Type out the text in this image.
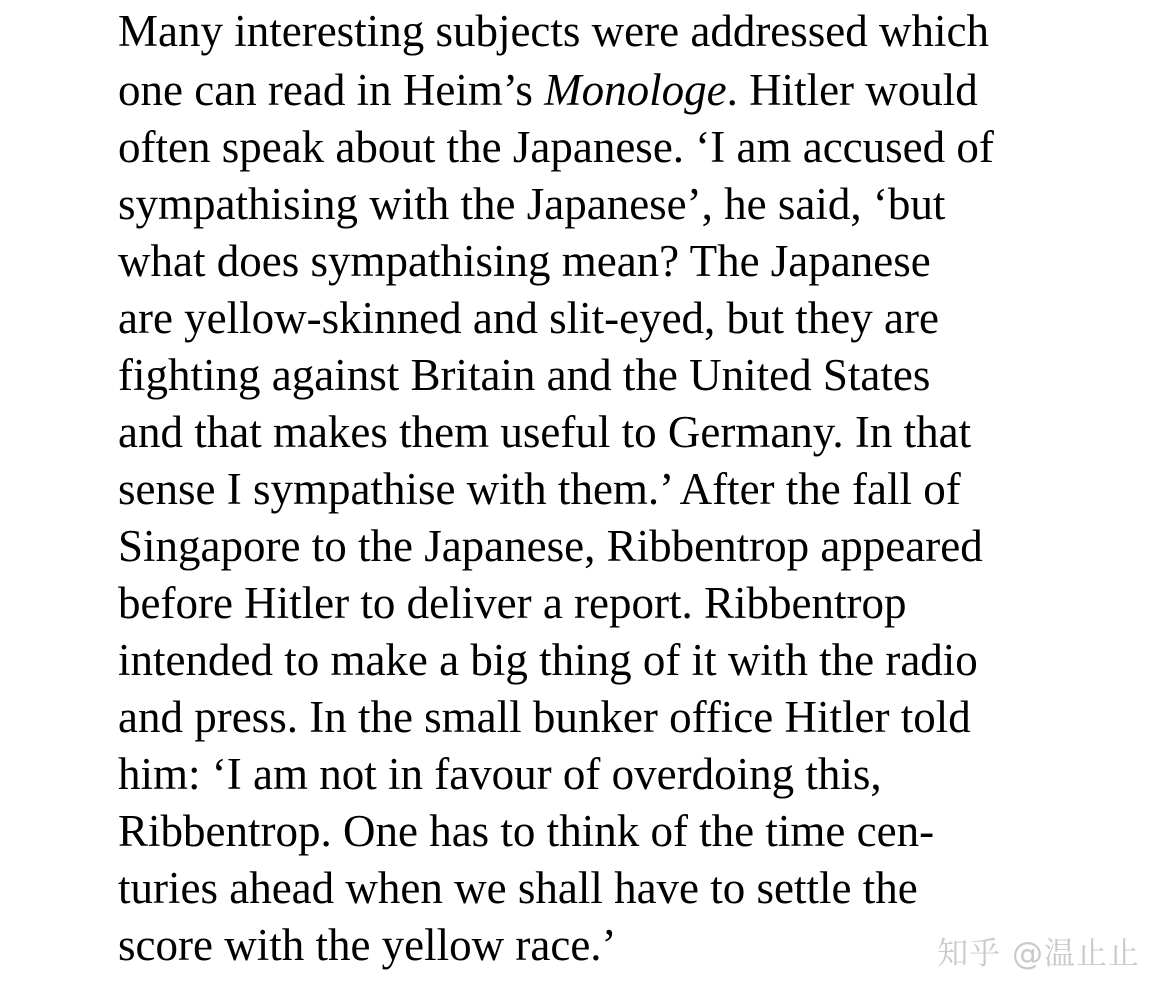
Many interesting subjects were addressed which
one can read in Heim’s Monologe. Hitler would
often speak about the Japanese. ‘I am accused of
sympathising with the Japanese’, he said, ‘but
what does sympathising mean? The Japanese
are yellow-skinned and slit-eyed, but they are
fighting against Britain and the United States
and that makes them useful to Germany. In that
sense I sympathise with them.’ After the fall of
Singapore to the Japanese, Ribbentrop appeared
before Hitler to deliver a report. Ribbentrop
intended to make a big thing of it with the radio
and press. In the small bunker office Hitler told
him: ‘I am not in favour of overdoing this,
Ribbentrop. One has to think of the time cen-
turies ahead when we shall have to settle the
score with the yellow race.’	知乎 @温止止
